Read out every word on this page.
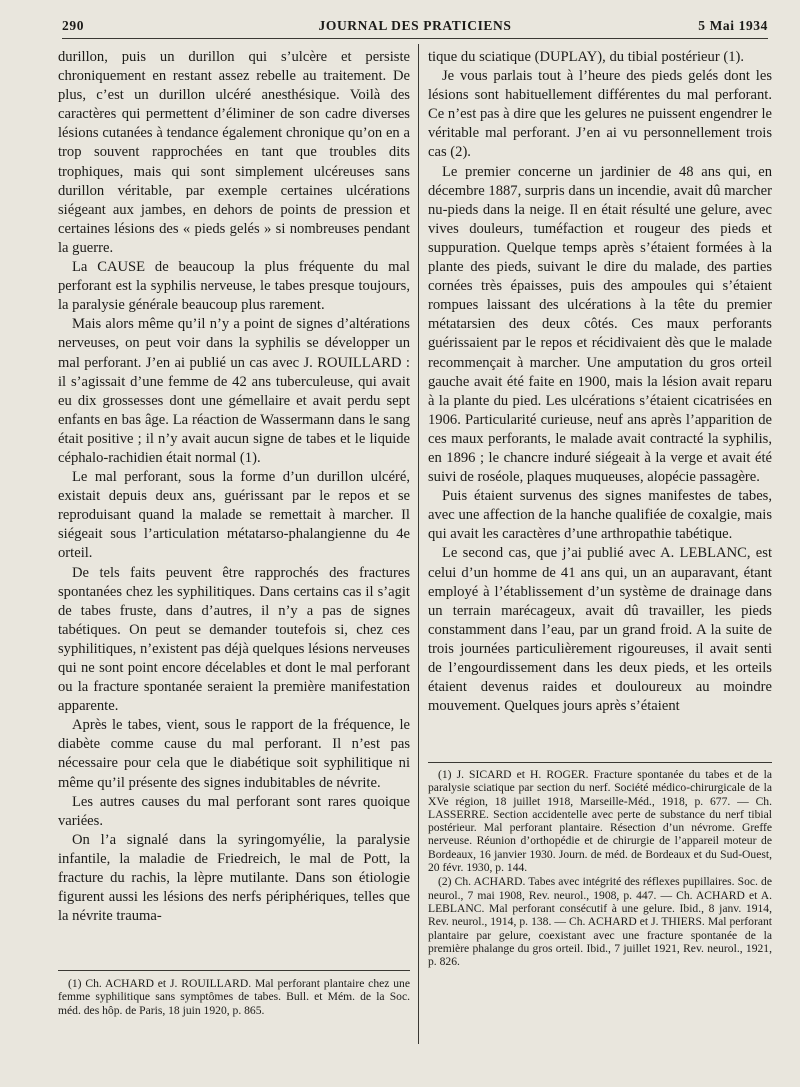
290	JOURNAL DES PRATICIENS	5 Mai 1934

durillon, puis un durillon qui s’ulcère et persiste chroniquement en restant assez rebelle au traitement. De plus, c’est un durillon ulcéré anesthésique. Voilà des caractères qui permettent d’éliminer de son cadre diverses lésions cutanées à tendance également chronique qu’on en a trop souvent rapprochées en tant que troubles dits trophiques, mais qui sont simplement ulcéreuses sans durillon véritable, par exemple certaines ulcérations siégeant aux jambes, en dehors de points de pression et certaines lésions des « pieds gelés » si nombreuses pendant la guerre.

La CAUSE de beaucoup la plus fréquente du mal perforant est la syphilis nerveuse, le tabes presque toujours, la paralysie générale beaucoup plus rarement.

Mais alors même qu’il n’y a point de signes d’altérations nerveuses, on peut voir dans la syphilis se développer un mal perforant. J’en ai publié un cas avec J. ROUILLARD : il s’agissait d’une femme de 42 ans tuberculeuse, qui avait eu dix grossesses dont une gémellaire et avait perdu sept enfants en bas âge. La réaction de Wassermann dans le sang était positive ; il n’y avait aucun signe de tabes et le liquide céphalo-rachidien était normal (1).

Le mal perforant, sous la forme d’un durillon ulcéré, existait depuis deux ans, guérissant par le repos et se reproduisant quand la malade se remettait à marcher. Il siégeait sous l’articulation métatarso-phalangienne du 4e orteil.

De tels faits peuvent être rapprochés des fractures spontanées chez les syphilitiques. Dans certains cas il s’agit de tabes fruste, dans d’autres, il n’y a pas de signes tabétiques. On peut se demander toutefois si, chez ces syphilitiques, n’existent pas déjà quelques lésions nerveuses qui ne sont point encore décelables et dont le mal perforant ou la fracture spontanée seraient la première manifestation apparente.

Après le tabes, vient, sous le rapport de la fréquence, le diabète comme cause du mal perforant. Il n’est pas nécessaire pour cela que le diabétique soit syphilitique ni même qu’il présente des signes indubitables de névrite.

Les autres causes du mal perforant sont rares quoique variées.

On l’a signalé dans la syringomyélie, la paralysie infantile, la maladie de Friedreich, le mal de Pott, la fracture du rachis, la lèpre mutilante. Dans son étiologie figurent aussi les lésions des nerfs périphériques, telles que la névrite trauma-

(1) Ch. ACHARD et J. ROUILLARD. Mal perforant plantaire chez une femme syphilitique sans symptômes de tabes. Bull. et Mém. de la Soc. méd. des hôp. de Paris, 18 juin 1920, p. 865.

tique du sciatique (DUPLAY), du tibial postérieur (1).

Je vous parlais tout à l’heure des pieds gelés dont les lésions sont habituellement différentes du mal perforant. Ce n’est pas à dire que les gelures ne puissent engendrer le véritable mal perforant. J’en ai vu personnellement trois cas (2).

Le premier concerne un jardinier de 48 ans qui, en décembre 1887, surpris dans un incendie, avait dû marcher nu-pieds dans la neige. Il en était résulté une gelure, avec vives douleurs, tuméfaction et rougeur des pieds et suppuration. Quelque temps après s’étaient formées à la plante des pieds, suivant le dire du malade, des parties cornées très épaisses, puis des ampoules qui s’étaient rompues laissant des ulcérations à la tête du premier métatarsien des deux côtés. Ces maux perforants guérissaient par le repos et récidivaient dès que le malade recommençait à marcher. Une amputation du gros orteil gauche avait été faite en 1900, mais la lésion avait reparu à la plante du pied. Les ulcérations s’étaient cicatrisées en 1906. Particularité curieuse, neuf ans après l’apparition de ces maux perforants, le malade avait contracté la syphilis, en 1896 ; le chancre induré siégeait à la verge et avait été suivi de roséole, plaques muqueuses, alopécie passagère.

Puis étaient survenus des signes manifestes de tabes, avec une affection de la hanche qualifiée de coxalgie, mais qui avait les caractères d’une arthropathie tabétique.

Le second cas, que j’ai publié avec A. LEBLANC, est celui d’un homme de 41 ans qui, un an auparavant, étant employé à l’établissement d’un système de drainage dans un terrain marécageux, avait dû travailler, les pieds constamment dans l’eau, par un grand froid. A la suite de trois journées particulièrement rigoureuses, il avait senti de l’engourdissement dans les deux pieds, et les orteils étaient devenus raides et douloureux au moindre mouvement. Quelques jours après s’étaient

(1) J. SICARD et H. ROGER. Fracture spontanée du tabes et de la paralysie sciatique par section du nerf. Société médico-chirurgicale de la XVe région, 18 juillet 1918, Marseille-Méd., 1918, p. 677. — Ch. LASSERRE. Section accidentelle avec perte de substance du nerf tibial postérieur. Mal perforant plantaire. Résection d’un névrome. Greffe nerveuse. Réunion d’orthopédie et de chirurgie de l’appareil moteur de Bordeaux, 16 janvier 1930. Journ. de méd. de Bordeaux et du Sud-Ouest, 20 févr. 1930, p. 144.

(2) Ch. ACHARD. Tabes avec intégrité des réflexes pupillaires. Soc. de neurol., 7 mai 1908, Rev. neurol., 1908, p. 447. — Ch. ACHARD et A. LEBLANC. Mal perforant consécutif à une gelure. Ibid., 8 janv. 1914, Rev. neurol., 1914, p. 138. — Ch. ACHARD et J. THIERS. Mal perforant plantaire par gelure, coexistant avec une fracture spontanée de la première phalange du gros orteil. Ibid., 7 juillet 1921, Rev. neurol., 1921, p. 826.
